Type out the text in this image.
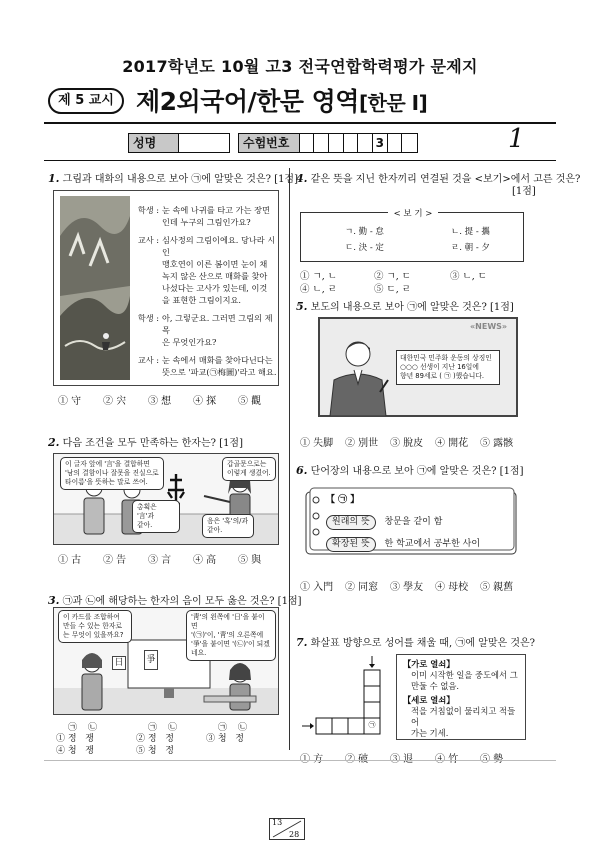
2017학년도 10월 고3 전국연합학력평가 문제지
제 5 교시 제2외국어/한문 영역[한문 Ⅰ]
성명	수험번호	3	1
1. 그림과 대화의 내용으로 보아 ㉠에 알맞은 것은? [1점]
학생 : 눈 속에 나귀를 타고 가는 장면
인데 누구의 그림인가요?
교사 : 심사정의 그림이에요. 당나라 시인
맹호연이 이른 봄이면 눈이 채
녹지 않은 산으로 매화를 찾아
나섰다는 고사가 있는데, 이것
을 표현한 그림이지요.
학생 : 아, 그렇군요. 그러면 그림의 제목
은 무엇인가요?
교사 : 눈 속에서 매화를 찾아다닌다는
뜻으로 '파교(㉠梅圖)'라고 해요.
① 守	② 宍	③ 想	④ 探	⑤ 觀
2. 다음 조건을 모두 만족하는 한자는? [1점]
이 글자 앞에 '言'을 결합하면
'남의 결함이나 잘못을 진실으로
타이름'을 뜻하는 말로 쓰여.
갑골문으로는
이렇게 생겼어.
총획은 '言'과
같아.	음은 '혹'의/과
같아.
① 古	② 告	③ 言	④ 高	⑤ 與
3. ㉠과 ㉡에 해당하는 한자의 음이 모두 옳은 것은? [1점]
日	爭
이 카드를 조합하여
만들 수 있는 한자로
는 무엇이 있을까요?
'靑'의 왼쪽에 '日'을 붙이면
'(㉠)'이, '靑'의 오른쪽에
'爭'을 붙이면 '(㉡)'이 되겠
네요.
㉠ ㉡	㉠ ㉡	㉠ ㉡
① 정 쟁	② 정 정	③ 청 정
④ 청 쟁	⑤ 청 정
4. 같은 뜻을 지닌 한자끼리 연결된 것을 <보기>에서 고른 것은?
[1점]
< 보 기 >
ㄱ. 勤 - 怠	ㄴ. 提 - 攜
ㄷ. 決 - 定	ㄹ. 朝 - 夕
① ㄱ, ㄴ	② ㄱ, ㄷ	③ ㄴ, ㄷ
④ ㄴ, ㄹ	⑤ ㄷ, ㄹ
5. 보도의 내용으로 보아 ㉠에 알맞은 것은? [1점]
«NEWS»
대한민국 민주화 운동의 상징인
○○○ 선생이 지난 16일에
향년 89세로 ( ㉠ )했습니다.
① 失脚	② 別世	③ 脫皮	④ 開花	⑤ 露骸
6. 단어장의 내용으로 보아 ㉠에 알맞은 것은? [1점]
【 ㉠ 】
원래의 뜻 창문을 같이 함
확장된 뜻 한 학교에서 공부한 사이
① 入門	② 同窓	③ 學友	④ 母校	⑤ 親舊
7. 화살표 방향으로 성어를 채울 때, ㉠에 알맞은 것은?
㉠
【가로 열쇠】
이미 시작한 일을 중도에서 그
만둘 수 없음.
【세로 열쇠】
적을 거침없이 물리치고 적들어
가는 기세.
13
28
